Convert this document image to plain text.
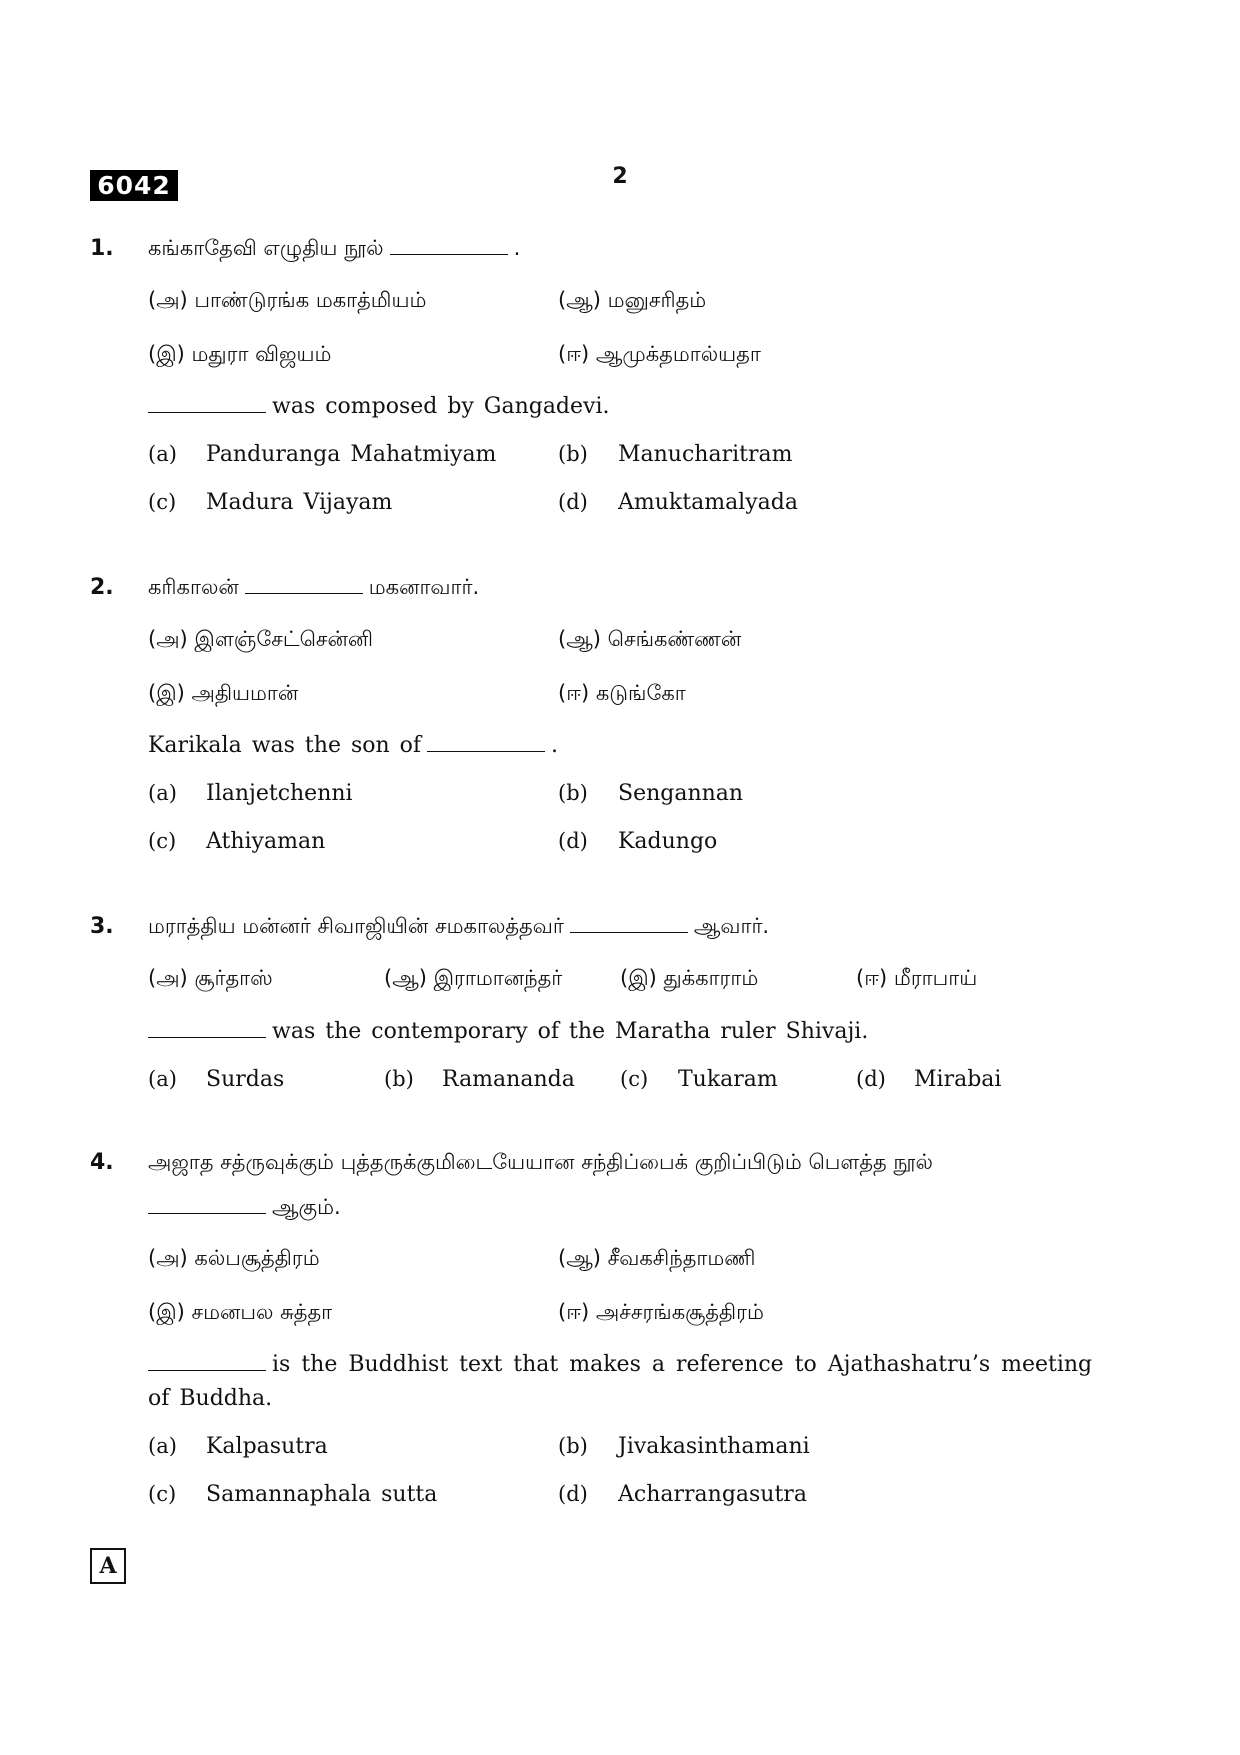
6042	2
1. கங்காதேவி எழுதிய நூல்	.
(அ) பாண்டுரங்க மகாத்மியம்	(ஆ) மனுசரிதம்
(இ) மதுரா விஜயம்	(ஈ) ஆமுக்தமால்யதா
was composed by Gangadevi.
(a) Panduranga Mahatmiyam	(b) Manucharitram
(c) Madura Vijayam	(d) Amuktamalyada
2. கரிகாலன்	மகனாவார்.
(அ) இளஞ்சேட்சென்னி	(ஆ) செங்கண்ணன்
(இ) அதியமான்	(ஈ) கடுங்கோ
Karikala was the son of	.
(a) Ilanjetchenni	(b) Sengannan
(c) Athiyaman	(d) Kadungo
3. மராத்திய மன்னர் சிவாஜியின் சமகாலத்தவர்	ஆவார்.
(அ) சூர்தாஸ்	(ஆ) இராமானந்தர்	(இ) துக்காராம்	(ஈ) மீராபாய்
was the contemporary of the Maratha ruler Shivaji.
(a) Surdas	(b) Ramananda (c) Tukaram	(d) Mirabai
4. அஜாத சத்ருவுக்கும் புத்தருக்குமிடையேயான சந்திப்பைக் குறிப்பிடும் பௌத்த நூல்
ஆகும்.
(அ) கல்பசூத்திரம்	(ஆ) சீவகசிந்தாமணி
(இ) சமனபல சுத்தா	(ஈ) அச்சரங்கசூத்திரம்
is the Buddhist text that makes a reference to Ajathashatru’s meeting
of Buddha.
(a) Kalpasutra	(b) Jivakasinthamani
(c) Samannaphala sutta	(d) Acharrangasutra
A
